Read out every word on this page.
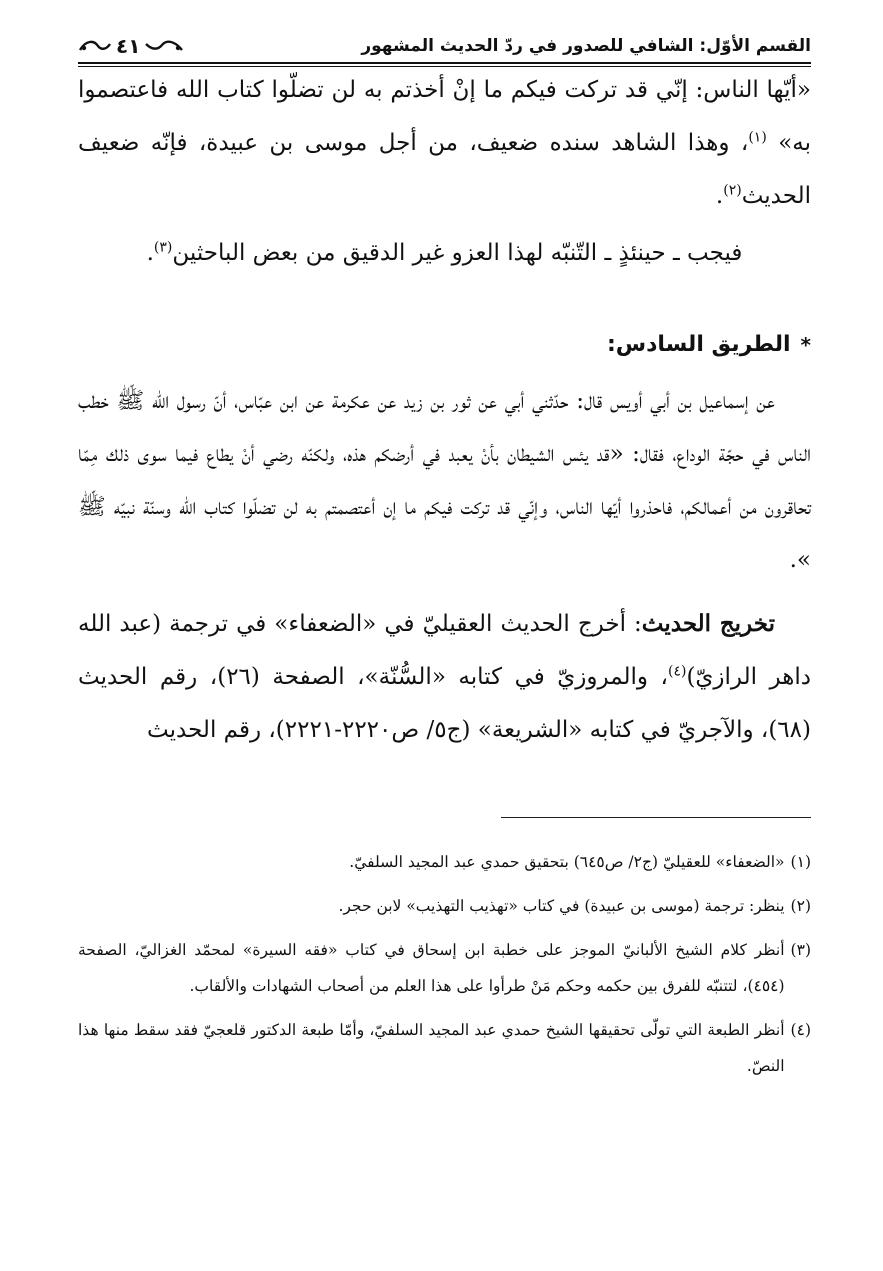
القسم الأوّل: الشافي للصدور في ردّ الحديث المشهور
٤١

«أيّها الناس: إنّي قد تركت فيكم ما إنْ أخذتم به لن تضلّوا كتاب الله فاعتصموا به» $^{(١)}$، وهذا الشاهد سنده ضعيف، من أجل موسى بن عبيدة، فإنّه ضعيف الحديث$^{(٢)}$.

فيجب ـ حينئذٍ ـ التّنبّه لهذا العزو غير الدقيق من بعض الباحثين$^{(٣)}$.

*
الطريق السادس:

عن إسماعيل بن أبي أويس قال: حدّثني أبي عن ثور بن زيد عن عكرمة عن ابن عبّاس، أنّ رسول الله ﷺ خطب الناس في حجّة الوداع، فقال: «قد يئس الشيطان بأنْ يعبد في أرضكم هذه، ولكنّه رضي أنْ يطاع فيما سوى ذلك مِمّا تحاقرون من أعمالكم، فاحذروا أيّها الناس، وإنّي قد تركت فيكم ما إن أعتصمتم به لن تضلّوا كتاب الله وسنّة نبيّه ﷺ ».

تخريج الحديث: أخرج الحديث العقيليّ في «الضعفاء» في ترجمة (عبد الله داهر الرازيّ)$^{(٤)}$، والمروزيّ في كتابه «السُّنّة»، الصفحة (٢٦)، رقم الحديث (٦٨)، والآجريّ في كتابه «الشريعة» (ج٥/ ص٢٢٢٠-٢٢٢١)، رقم الحديث

(١)
«الضعفاء» للعقيليّ (ج٢/ ص٦٤٥) بتحقيق حمدي عبد المجيد السلفيّ.
(٢)
ينظر: ترجمة (موسى بن عبيدة) في كتاب «تهذيب التهذيب» لابن حجر.
(٣)
أنظر كلام الشيخ الألبانيّ الموجز على خطبة ابن إسحاق في كتاب «فقه السيرة» لمحمّد الغزاليّ، الصفحة (٤٥٤)، لتتنبّه للفرق بين حكمه وحكم مَنْ طرأوا على هذا العلم من أصحاب الشهادات والألقاب.
(٤)
أنظر الطبعة التي تولّى تحقيقها الشيخ حمدي عبد المجيد السلفيّ، وأمّا طبعة الدكتور قلعجيّ فقد سقط منها هذا النصّ.
